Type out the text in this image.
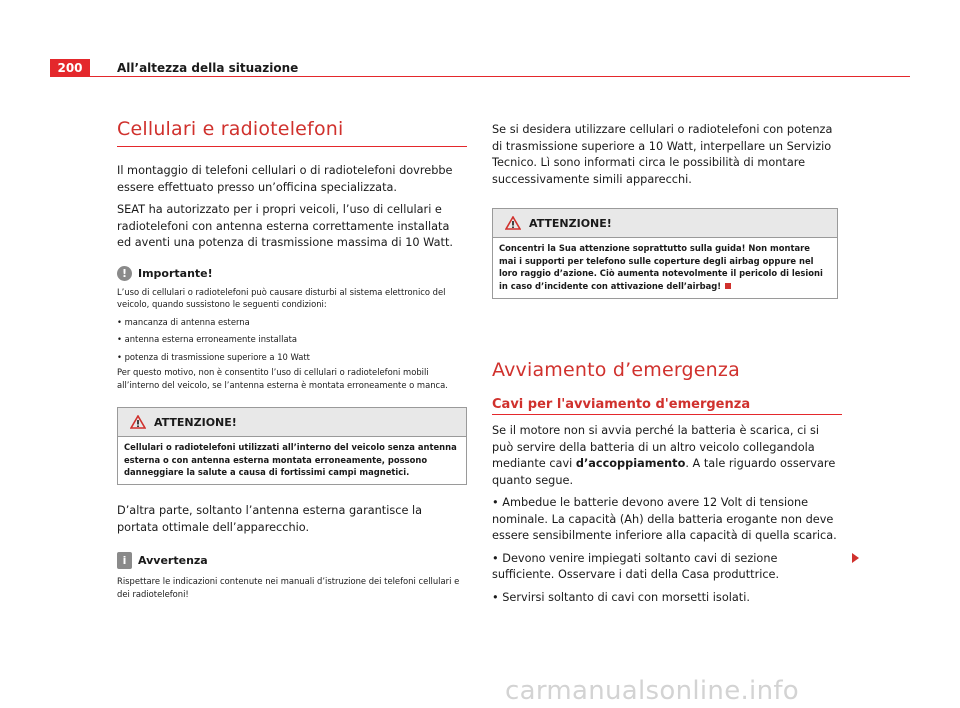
200	All’altezza della situazione
Cellulari e radiotelefoni

Il montaggio di telefoni cellulari o di radiotelefoni dovrebbe essere effettuato presso un’officina specializzata.

SEAT ha autorizzato per i propri veicoli, l’uso di cellulari e radiotelefoni con antenna esterna correttamente installata ed aventi una potenza di trasmissione massima di 10 Watt.

! Importante!

L’uso di cellulari o radiotelefoni può causare disturbi al sistema elettronico del veicolo, quando sussistono le seguenti condizioni:

• mancanza di antenna esterna

• antenna esterna erroneamente installata

• potenza di trasmissione superiore a 10 Watt

Per questo motivo, non è consentito l’uso di cellulari o radiotelefoni mobili all’interno del veicolo, se l’antenna esterna è montata erroneamente o manca.

ATTENZIONE!
Cellulari o radiotelefoni utilizzati all’interno del veicolo senza antenna esterna o con antenna esterna montata erroneamente, possono danneggiare la salute a causa di fortissimi campi magnetici.

D’altra parte, soltanto l’antenna esterna garantisce la portata ottimale dell’apparecchio.

i
Avvertenza

Rispettare le indicazioni contenute nei manuali d’istruzione dei telefoni cellulari e dei radiotelefoni!

Se si desidera utilizzare cellulari o radiotelefoni con potenza di trasmissione superiore a 10 Watt, interpellare un Servizio Tecnico. Lì sono informati circa le possibilità di montare successivamente simili apparecchi.

ATTENZIONE!
Concentri la Sua attenzione soprattutto sulla guida! Non montare mai i supporti per telefono sulle coperture degli airbag oppure nel loro raggio d’azione. Ciò aumenta notevolmente il pericolo di lesioni in caso d’incidente con attivazione dell’airbag!
Avviamento d’emergenza
Cavi per l'avviamento d'emergenza

Se il motore non si avvia perché la batteria è scarica, ci si può servire della batteria di un altro veicolo collegandola mediante cavi d’accoppiamento. A tale riguardo osservare quanto segue.

• Ambedue le batterie devono avere 12 Volt di tensione nominale. La capacità (Ah) della batteria erogante non deve essere sensibilmente inferiore alla capacità di quella scarica.

• Devono venire impiegati soltanto cavi di sezione sufficiente. Osservare i dati della Casa produttrice.

• Servirsi soltanto di cavi con morsetti isolati.

carmanualsonline.info
